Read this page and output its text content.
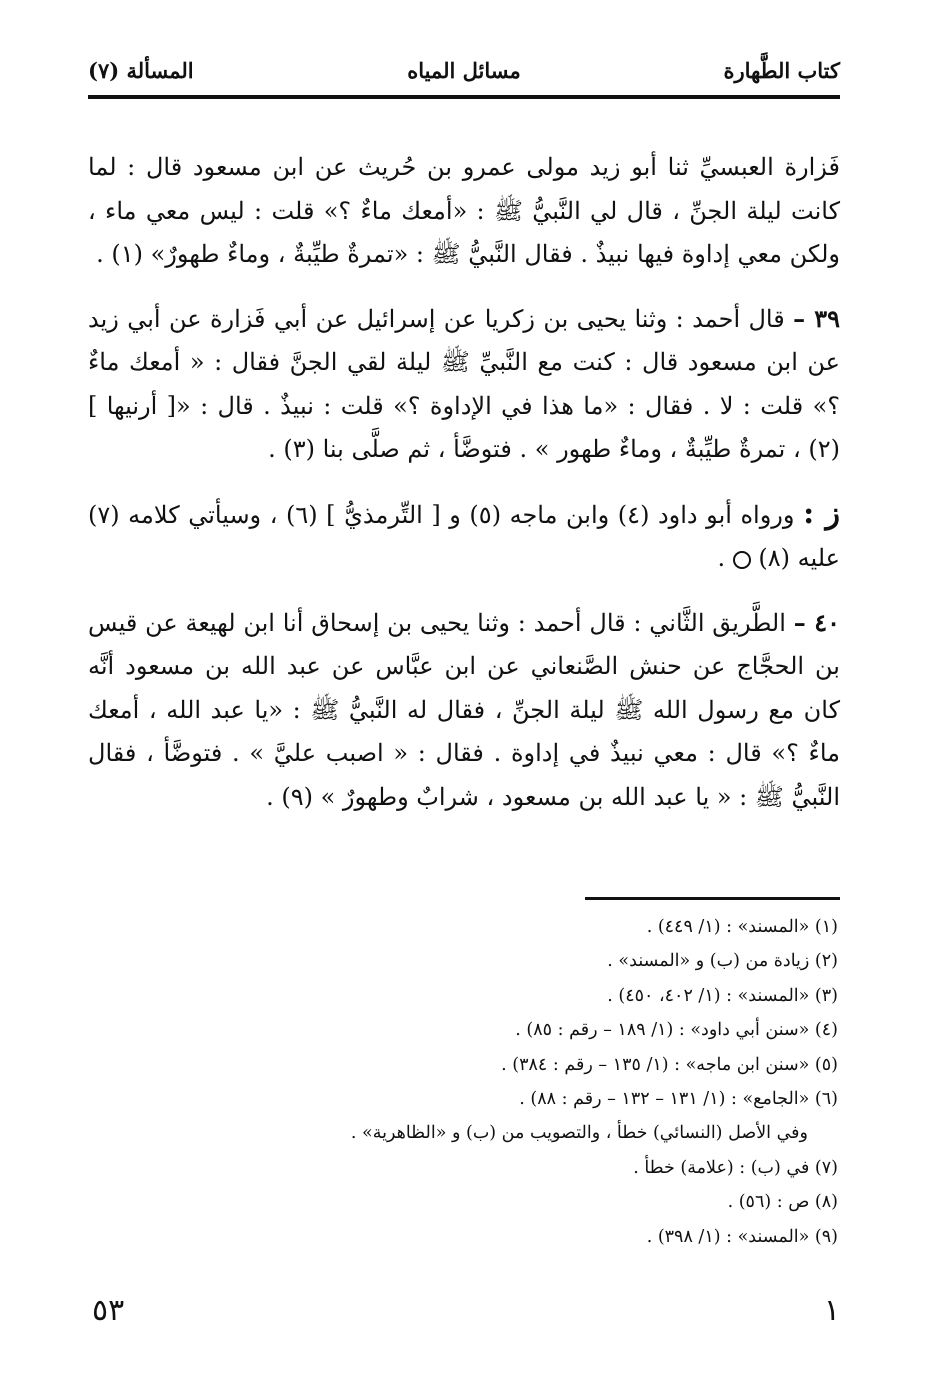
كتاب الطَّهارة
مسائل المياه
المسألة (٧)

فَزارة العبسيِّ ثنا أبو زيد مولى عمرو بن حُريث عن ابن مسعود قال : لما كانت ليلة الجنِّ ، قال لي النَّبيُّ ﷺ : «أمعك ماءٌ ؟» قلت : ليس معي ماء ، ولكن معي إداوة فيها نبيذٌ . فقال النَّبيُّ ﷺ : «تمرةٌ طيِّبةٌ ، وماءٌ طهورٌ» (١) .

٣٩ – قال أحمد : وثنا يحيى بن زكريا عن إسرائيل عن أبي فَزارة عن أبي زيد عن ابن مسعود قال : كنت مع النَّبيِّ ﷺ ليلة لقي الجنَّ فقال : « أمعك ماءٌ ؟» قلت : لا . فقال : «ما هذا في الإداوة ؟» قلت : نبيذٌ . قال : «[ أرنيها ] (٢) ، تمرةٌ طيِّبةٌ ، وماءٌ طهور » . فتوضَّأ ، ثم صلَّى بنا (٣) .

ز : ورواه أبو داود (٤) وابن ماجه (٥) و [ التِّرمذيُّ ] (٦) ، وسيأتي كلامه (٧) عليه (٨)  .

٤٠ – الطَّريق الثَّاني : قال أحمد : وثنا يحيى بن إسحاق أنا ابن لهيعة عن قيس بن الحجَّاج عن حنش الصَّنعاني عن ابن عبَّاس عن عبد الله بن مسعود أنَّه كان مع رسول الله ﷺ ليلة الجنِّ ، فقال له النَّبيُّ ﷺ : «يا عبد الله ، أمعك ماءٌ ؟» قال : معي نبيذٌ في إداوة . فقال : « اصبب عليَّ » . فتوضَّأ ، فقال النَّبيُّ ﷺ : « يا عبد الله بن مسعود ، شرابٌ وطهورٌ » (٩) .

(١) «المسند» : (١/ ٤٤٩) .

(٢) زيادة من (ب) و «المسند» .

(٣) «المسند» : (١/ ٤٠٢، ٤٥٠) .

(٤) «سنن أبي داود» : (١/ ١٨٩ – رقم : ٨٥) .

(٥) «سنن ابن ماجه» : (١/ ١٣٥ – رقم : ٣٨٤) .

(٦) «الجامع» : (١/ ١٣١ – ١٣٢ – رقم : ٨٨) .

وفي الأصل (النسائي) خطأ ، والتصويب من (ب) و «الظاهرية» .

(٧) في (ب) : (علامة) خطأ .

(٨) ص : (٥٦) .

(٩) «المسند» : (١/ ٣٩٨) .

٥٣	١
